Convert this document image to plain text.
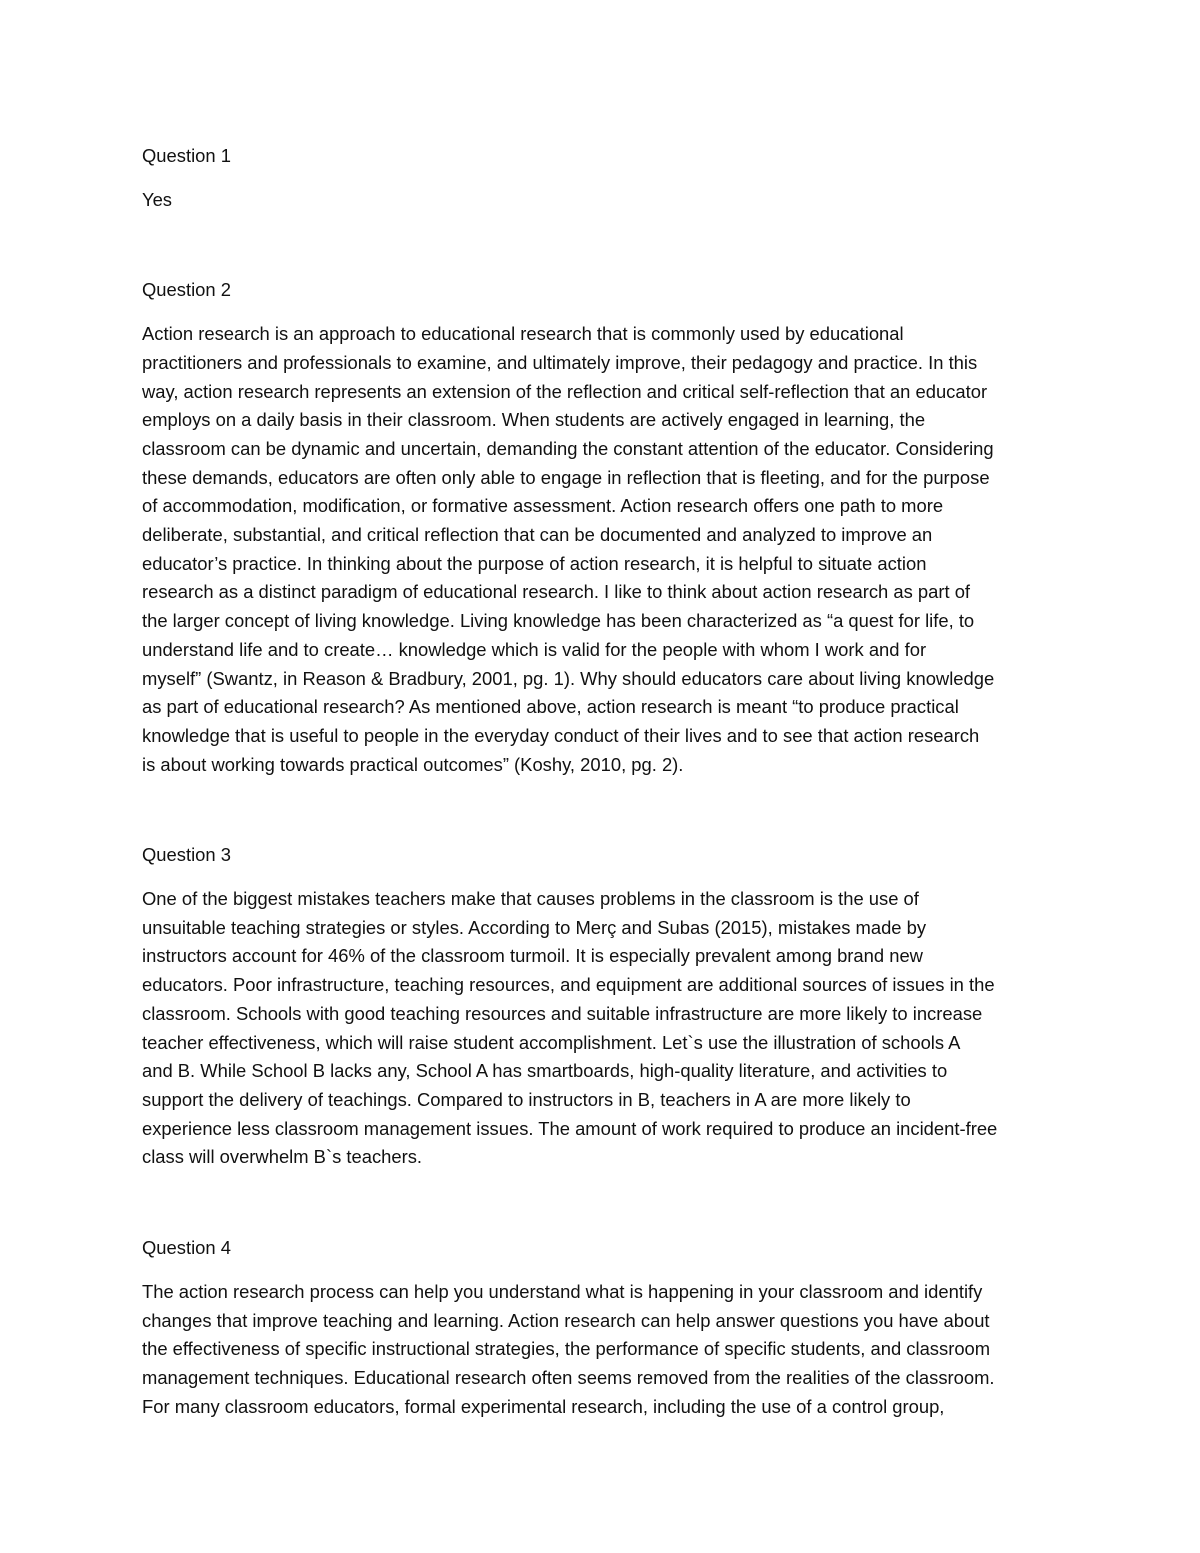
Question 1
Yes
Question 2
Action research is an approach to educational research that is commonly used by educational
practitioners and professionals to examine, and ultimately improve, their pedagogy and practice. In this
way, action research represents an extension of the reflection and critical self-reflection that an educator
employs on a daily basis in their classroom. When students are actively engaged in learning, the
classroom can be dynamic and uncertain, demanding the constant attention of the educator. Considering
these demands, educators are often only able to engage in reflection that is fleeting, and for the purpose
of accommodation, modification, or formative assessment. Action research offers one path to more
deliberate, substantial, and critical reflection that can be documented and analyzed to improve an
educator’s practice. In thinking about the purpose of action research, it is helpful to situate action
research as a distinct paradigm of educational research. I like to think about action research as part of
the larger concept of living knowledge. Living knowledge has been characterized as “a quest for life, to
understand life and to create… knowledge which is valid for the people with whom I work and for
myself” (Swantz, in Reason & Bradbury, 2001, pg. 1). Why should educators care about living knowledge
as part of educational research? As mentioned above, action research is meant “to produce practical
knowledge that is useful to people in the everyday conduct of their lives and to see that action research
is about working towards practical outcomes” (Koshy, 2010, pg. 2).
Question 3
One of the biggest mistakes teachers make that causes problems in the classroom is the use of
unsuitable teaching strategies or styles. According to Merç and Subas (2015), mistakes made by
instructors account for 46% of the classroom turmoil. It is especially prevalent among brand new
educators. Poor infrastructure, teaching resources, and equipment are additional sources of issues in the
classroom. Schools with good teaching resources and suitable infrastructure are more likely to increase
teacher effectiveness, which will raise student accomplishment. Let`s use the illustration of schools A
and B. While School B lacks any, School A has smartboards, high-quality literature, and activities to
support the delivery of teachings. Compared to instructors in B, teachers in A are more likely to
experience less classroom management issues. The amount of work required to produce an incident-free
class will overwhelm B`s teachers.
Question 4
The action research process can help you understand what is happening in your classroom and identify
changes that improve teaching and learning. Action research can help answer questions you have about
the effectiveness of specific instructional strategies, the performance of specific students, and classroom
management techniques. Educational research often seems removed from the realities of the classroom.
For many classroom educators, formal experimental research, including the use of a control group,
